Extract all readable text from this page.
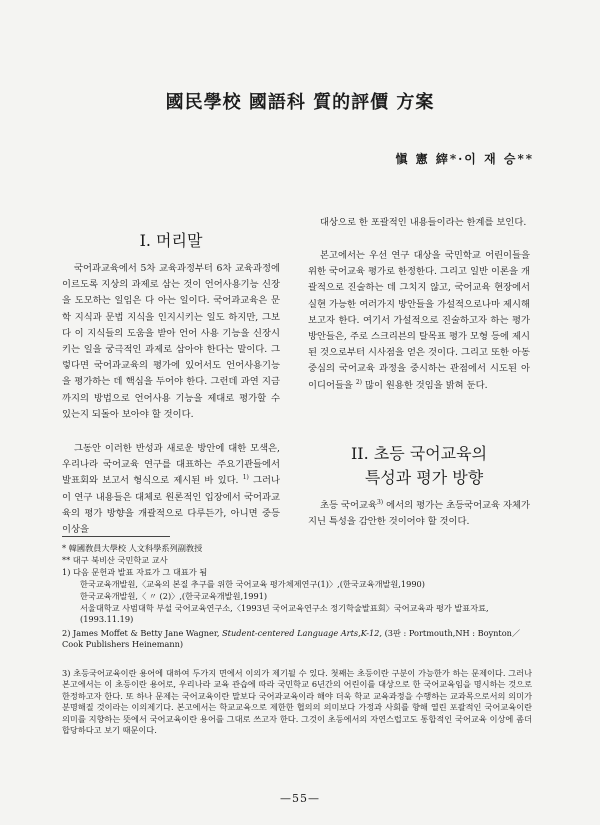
國民學校 國語科 質的評價 方案
愼 憲 縡*·이 재 승**
I. 머리말

국어과교육에서 5차 교육과정부터 6차 교육과정에 이르도록 지상의 과제로 삼는 것이 언어사용기능 신장을 도모하는 일임은 다 아는 일이다. 국어과교육은 문학 지식과 문법 지식을 인지시키는 일도 하지만, 그보다 이 지식들의 도움을 받아 언어 사용 기능을 신장시키는 일을 궁극적인 과제로 삼아야 한다는 말이다. 그렇다면 국어과교육의 평가에 있어서도 언어사용기능을 평가하는 데 핵심을 두어야 한다. 그런데 과연 지금까지의 방법으로 언어사용 기능을 제대로 평가할 수 있는지 되돌아 보아야 할 것이다.

그동안 이러한 반성과 새로운 방안에 대한 모색은, 우리나라 국어교육 연구를 대표하는 주요기관들에서 발표회와 보고서 형식으로 제시된 바 있다. $^{1)}$ 그러나 이 연구 내용들은 대체로 원론적인 입장에서 국어과교육의 평가 방향을 개괄적으로 다루든가, 아니면 중등 이상을

대상으로 한 포괄적인 내용들이라는 한계를 보인다.

본고에서는 우선 연구 대상을 국민학교 어린이들을 위한 국어교육 평가로 한정한다. 그리고 일반 이론을 개괄적으로 진술하는 데 그치지 않고, 국어교육 현장에서 실현 가능한 여러가지 방안들을 가설적으로나마 제시해보고자 한다. 여기서 가설적으로 진술하고자 하는 평가방안들은, 주로 스크리븐의 탈목표 평가 모형 등에 제시된 것으로부터 시사점을 얻은 것이다. 그리고 또한 아동 중심의 국어교육 과정을 중시하는 관점에서 시도된 아이디어들을 $^{2)}$ 많이 원용한 것임을 밝혀 둔다.

II. 초등 국어교육의
특성과 평가 방향

초등 국어교육$^{3)}$ 에서의 평가는 초등국어교육 자체가 지닌 특성을 감안한 것이어야 할 것이다.

* 韓國敎員大學校 人文科學系列副敎授

** 대구 북비산 국민학교 교사

1) 다음 문헌과 발표 자료가 그 대표가 됨

한국교육개발원,〈교육의 본질 추구를 위한 국어교육 평가체제연구(1)〉,(한국교육개발원,1990)

한국교육개발원,〈 〃 (2)〉,(한국교육개발원,1991)

서울대학교 사범대학 부설 국어교육연구소,〈1993년 국어교육연구소 정기학술발표회〉국어교육과 평가 발표자료,(1993.11.19)

2) James Moffet & Betty Jane Wagner, Student-centered Language Arts,K-12, (3판 : Portmouth,NH : Boynton／Cook Publishers Heinemann)

3) 초등국어교육이란 용어에 대하여 두가지 면에서 이의가 제기될 수 있다. 첫째는 초등이란 구분이 가능한가 하는 문제이다. 그러나 본고에서는 이 초등이란 용어로, 우리나라 교육 관습에 따라 국민학교 6년간의 어린이를 대상으로 한 국어교육임을 명시하는 것으로 한정하고자 한다. 또 하나 문제는 국어교육이란 말보다 국어과교육이라 해야 더욱 학교 교육과정을 수행하는 교과목으로서의 의미가 분명해질 것이라는 이의제기다. 본고에서는 학교교육으로 제한한 협의의 의미보다 가정과 사회를 향해 열린 포괄적인 국어교육이란 의미를 지향하는 뜻에서 국어교육이란 용어를 그대로 쓰고자 한다. 그것이 초등에서의 자연스럽고도 통합적인 국어교육 이상에 좀더 합당하다고 보기 때문이다.

—55—
